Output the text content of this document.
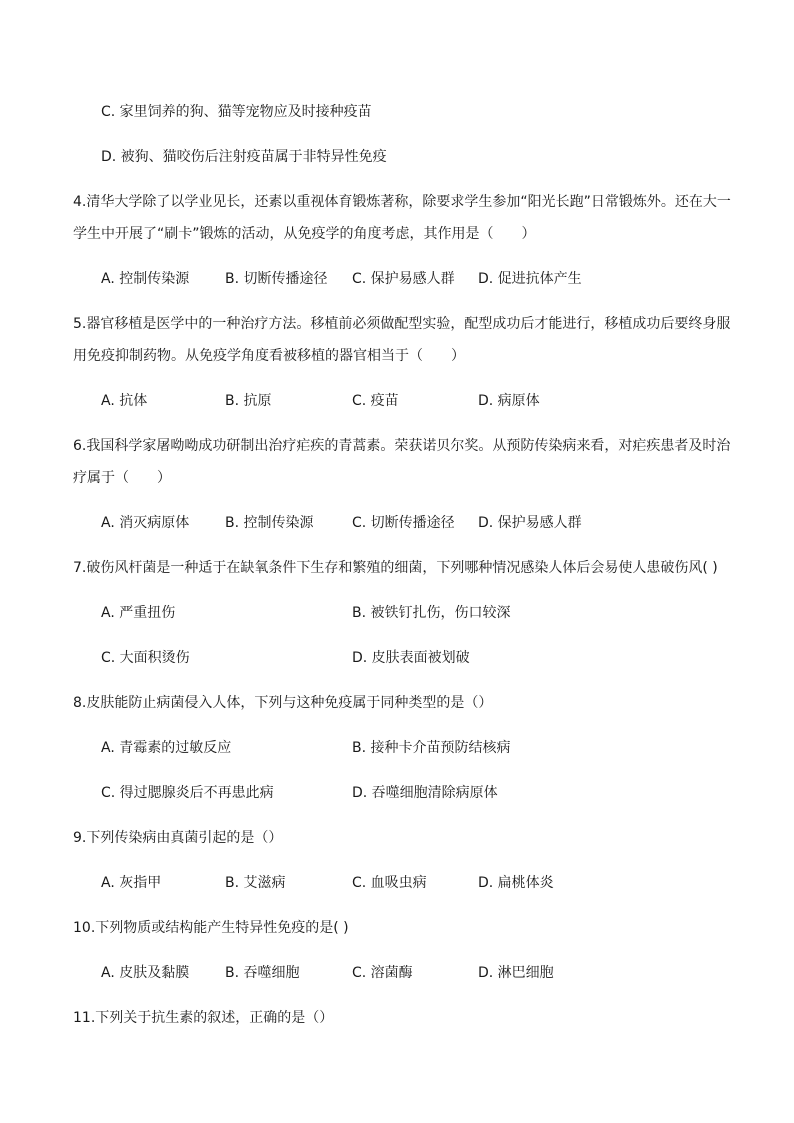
C. 家里饲养的狗、猫等宠物应及时接种疫苗
D. 被狗、猫咬伤后注射疫苗属于非特异性免疫
4.清华大学除了以学业见长，还素以重视体育锻炼著称，除要求学生参加“阳光长跑”日常锻炼外。还在大一
学生中开展了“刷卡”锻炼的活动，从免疫学的角度考虑，其作用是（　　）
A. 控制传染源	B. 切断传播途径 C. 保护易感人群 D. 促进抗体产生
5.器官移植是医学中的一种治疗方法。移植前必须做配型实验，配型成功后才能进行，移植成功后要终身服
用免疫抑制药物。从免疫学角度看被移植的器官相当于（　　）
A. 抗体	B. 抗原	C. 疫苗	D. 病原体
6.我国科学家屠呦呦成功研制出治疗疟疾的青蒿素。荣获诺贝尔奖。从预防传染病来看，对疟疾患者及时治
疗属于（　　）
A. 消灭病原体	B. 控制传染源	C. 切断传播途径 D. 保护易感人群
7.破伤风杆菌是一种适于在缺氧条件下生存和繁殖的细菌，下列哪种情况感染人体后会易使人患破伤风( )
A. 严重扭伤	B. 被铁钉扎伤，伤口较深
C. 大面积烫伤	D. 皮肤表面被划破
8.皮肤能防止病菌侵入人体，下列与这种免疫属于同种类型的是（）
A. 青霉素的过敏反应	B. 接种卡介苗预防结核病
C. 得过腮腺炎后不再患此病	D. 吞噬细胞清除病原体
9.下列传染病由真菌引起的是（）
A. 灰指甲	B. 艾滋病	C. 血吸虫病	D. 扁桃体炎
10.下列物质或结构能产生特异性免疫的是( )
A. 皮肤及黏膜	B. 吞噬细胞	C. 溶菌酶	D. 淋巴细胞
11.下列关于抗生素的叙述，正确的是（）
